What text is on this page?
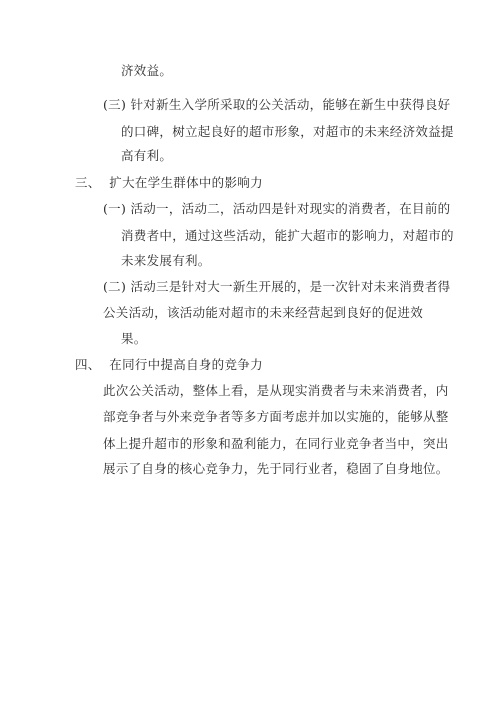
济效益。
(三) 针对新生入学所采取的公关活动，能够在新生中获得良好
的口碑，树立起良好的超市形象，对超市的未来经济效益提
高有利。
三、 扩大在学生群体中的影响力
(一) 活动一，活动二，活动四是针对现实的消费者，在目前的
消费者中，通过这些活动，能扩大超市的影响力，对超市的
未来发展有利。
(二) 活动三是针对大一新生开展的，是一次针对未来消费者得
公关活动，该活动能对超市的未来经营起到良好的促进效
果。
四、 在同行中提高自身的竞争力
此次公关活动，整体上看，是从现实消费者与未来消费者，内
部竞争者与外来竞争者等多方面考虑并加以实施的，能够从整
体上提升超市的形象和盈利能力，在同行业竞争者当中，突出
展示了自身的核心竞争力，先于同行业者，稳固了自身地位。
